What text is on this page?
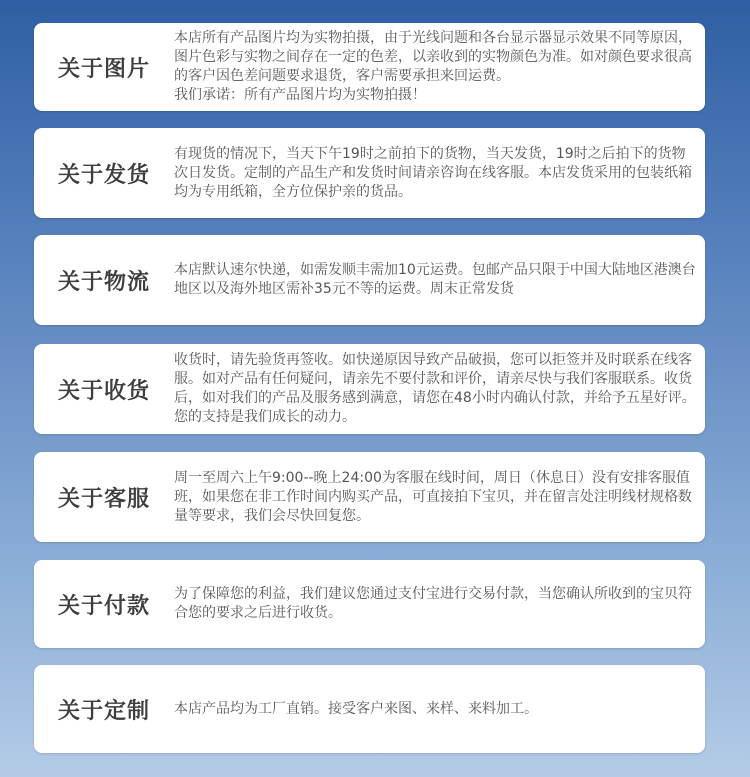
关于图片

本店所有产品图片均为实物拍摄，由于光线问题和各台显示器显示效果不同等原因，图片色彩与实物之间存在一定的色差，以亲收到的实物颜色为准。如对颜色要求很高的客户因色差问题要求退货，客户需要承担来回运费。
我们承诺：所有产品图片均为实物拍摄！

关于发货

有现货的情况下，当天下午19时之前拍下的货物，当天发货，19时之后拍下的货物次日发货。定制的产品生产和发货时间请亲咨询在线客服。本店发货采用的包装纸箱均为专用纸箱，全方位保护亲的货品。

关于物流	本店默认速尔快递，如需发顺丰需加10元运费。包邮产品只限于中国大陆地区港澳台地区以及海外地区需补35元不等的运费。周末正常发货

关于收货

收货时，请先验货再签收。如快递原因导致产品破损，您可以拒签并及时联系在线客服。如对产品有任何疑问，请亲先不要付款和评价，请亲尽快与我们客服联系。收货后，如对我们的产品及服务感到满意，请您在48小时内确认付款，并给予五星好评。您的支持是我们成长的动力。

关于客服

周一至周六上午9:00--晚上24:00为客服在线时间，周日（休息日）没有安排客服值班，如果您在非工作时间内购买产品，可直接拍下宝贝，并在留言处注明线材规格数量等要求，我们会尽快回复您。

关于付款	为了保障您的利益，我们建议您通过支付宝进行交易付款，当您确认所收到的宝贝符合您的要求之后进行收货。

关于定制	本店产品均为工厂直销。接受客户来图、来样、来料加工。
